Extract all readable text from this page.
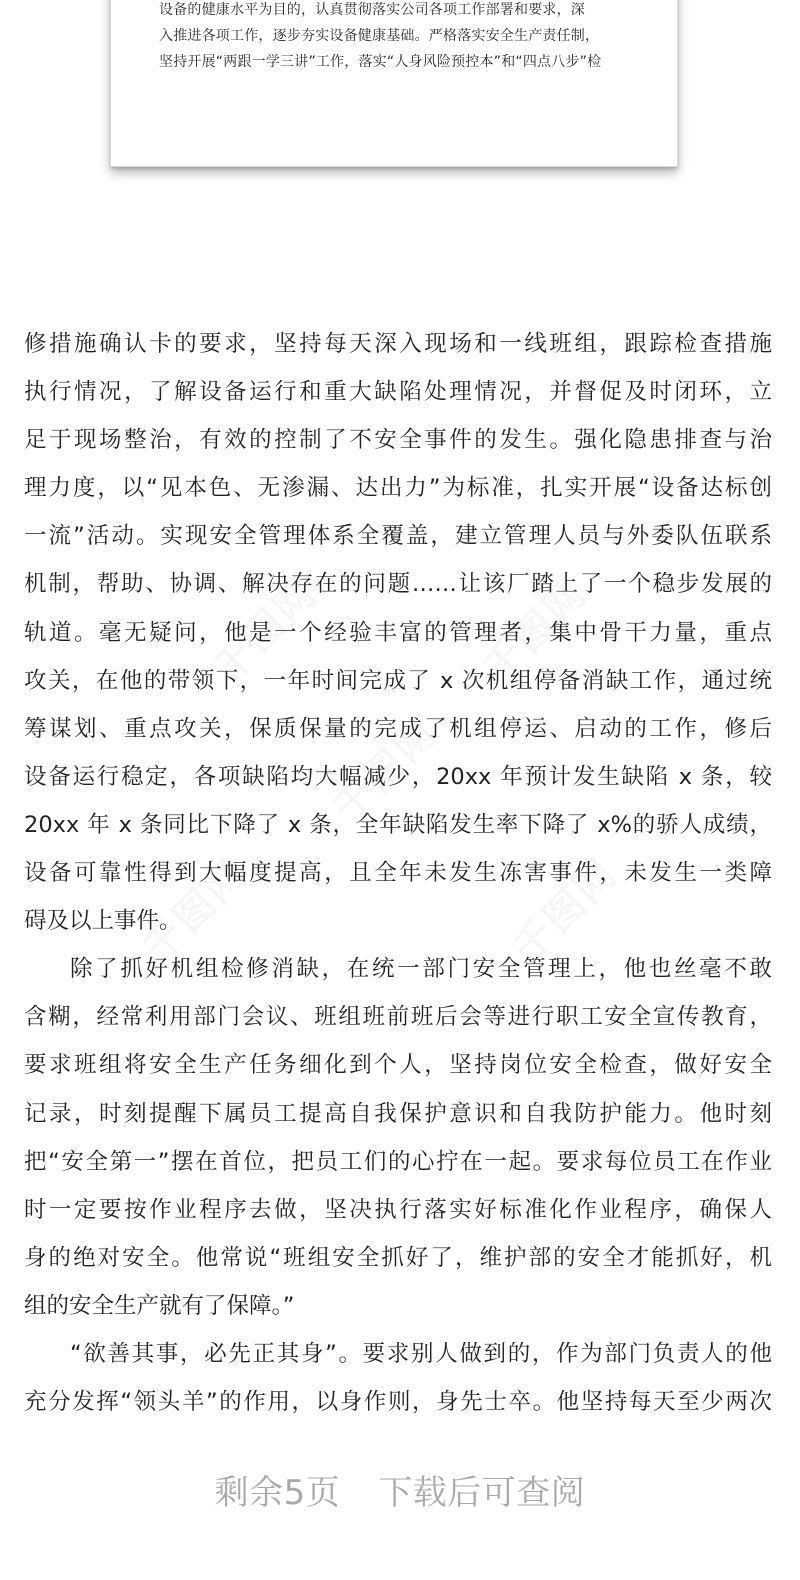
设备的健康水平为目的，认真贯彻落实公司各项工作部署和要求，深
入推进各项工作，逐步夯实设备健康基础。严格落实安全生产责任制，
坚持开展“两跟一学三讲”工作，落实“人身风险预控本”和“四点八步”检
修措施确认卡的要求，坚持每天深入现场和一线班组，跟踪检查措施
执行情况，了解设备运行和重大缺陷处理情况，并督促及时闭环，立
足于现场整治，有效的控制了不安全事件的发生。强化隐患排查与治
理力度，以“见本色、无渗漏、达出力”为标准，扎实开展“设备达标创
一流”活动。实现安全管理体系全覆盖，建立管理人员与外委队伍联系
机制，帮助、协调、解决存在的问题……让该厂踏上了一个稳步发展的
轨道。毫无疑问，他是一个经验丰富的管理者，集中骨干力量，重点
攻关，在他的带领下，一年时间完成了 x 次机组停备消缺工作，通过统
筹谋划、重点攻关，保质保量的完成了机组停运、启动的工作，修后
设备运行稳定，各项缺陷均大幅减少，20xx 年预计发生缺陷 x 条，较
20xx 年 x 条同比下降了 x 条，全年缺陷发生率下降了 x%的骄人成绩，
设备可靠性得到大幅度提高，且全年未发生冻害事件，未发生一类障
碍及以上事件。
除了抓好机组检修消缺，在统一部门安全管理上，他也丝毫不敢
含糊，经常利用部门会议、班组班前班后会等进行职工安全宣传教育，
要求班组将安全生产任务细化到个人，坚持岗位安全检查，做好安全
记录，时刻提醒下属员工提高自我保护意识和自我防护能力。他时刻
把“安全第一”摆在首位，把员工们的心拧在一起。要求每位员工在作业
时一定要按作业程序去做，坚决执行落实好标准化作业程序，确保人
身的绝对安全。他常说“班组安全抓好了，维护部的安全才能抓好，机
组的安全生产就有了保障。”
“欲善其事，必先正其身”。要求别人做到的，作为部门负责人的他
充分发挥“领头羊”的作用，以身作则，身先士卒。他坚持每天至少两次
剩余5页 下载后可查阅
